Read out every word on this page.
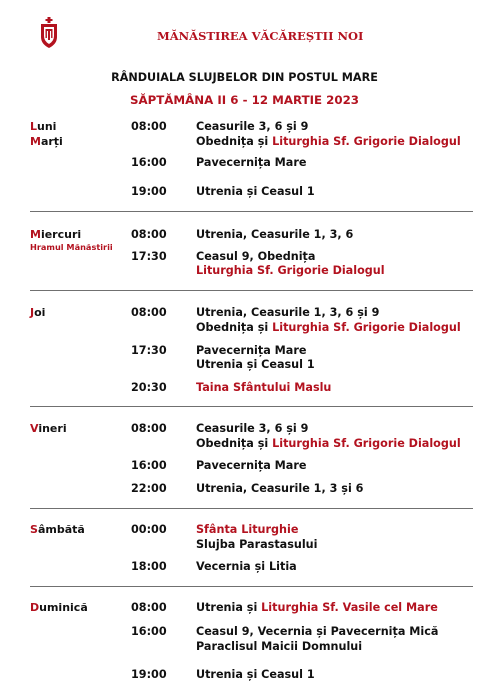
MĂNĂSTIREA VĂCĂREȘTII NOI
RÂNDUIALA SLUJBELOR DIN POSTUL MARE
SĂPTĂMÂNA II 6 - 12 MARTIE 2023
Luni
Marți
08:00	Ceasurile 3, 6 și 9
Obednița și Liturghia Sf. Grigorie Dialogul
16:00	Pavecernița Mare
19:00	Utrenia și Ceasul 1
Miercuri
Hramul Mănăstirii
08:00	Utrenia, Ceasurile 1, 3, 6
17:30	Ceasul 9, Obednița
Liturghia Sf. Grigorie Dialogul
Joi	08:00	Utrenia, Ceasurile 1, 3, 6 și 9
Obednița și Liturghia Sf. Grigorie Dialogul
17:30	Pavecernița Mare
Utrenia și Ceasul 1
20:30	Taina Sfântului Maslu
Vineri	08:00	Ceasurile 3, 6 și 9
Obednița și Liturghia Sf. Grigorie Dialogul
16:00	Pavecernița Mare
22:00	Utrenia, Ceasurile 1, 3 și 6
Sâmbătă	00:00	Sfânta Liturghie
Slujba Parastasului
18:00	Vecernia și Litia
Duminică	08:00	Utrenia și Liturghia Sf. Vasile cel Mare
16:00	Ceasul 9, Vecernia și Pavecernița Mică
Paraclisul Maicii Domnului
19:00	Utrenia și Ceasul 1
